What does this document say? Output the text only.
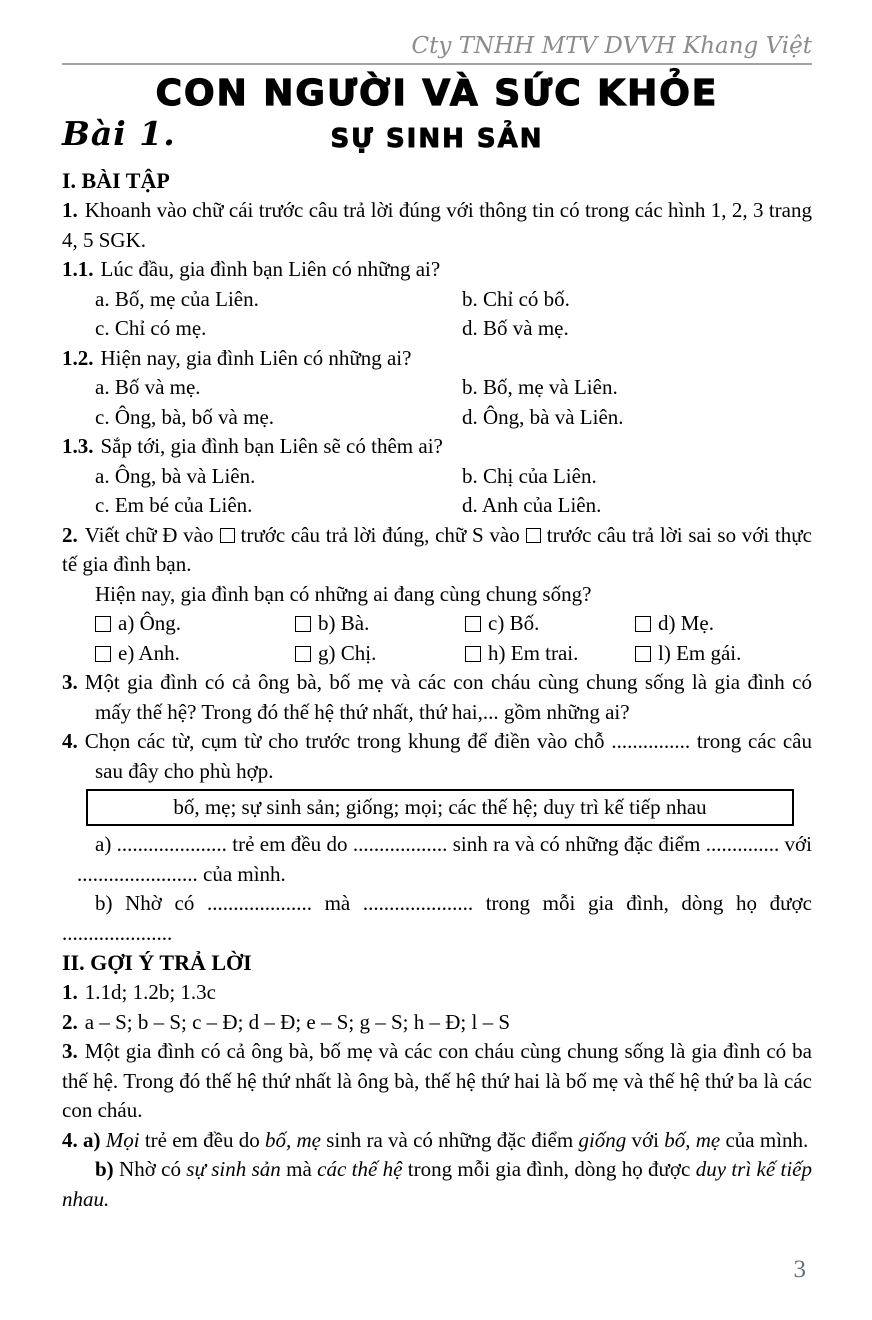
Cty TNHH MTV DVVH Khang Việt
CON NGƯỜI VÀ SỨC KHỎE
Bài 1.	SỰ SINH SẢN
I. BÀI TẬP

1. Khoanh vào chữ cái trước câu trả lời đúng với thông tin có trong các hình 1, 2, 3 trang 4, 5 SGK.

1.1. Lúc đầu, gia đình bạn Liên có những ai?

a. Bố, mẹ của Liên.	b. Chỉ có bố.
c. Chỉ có mẹ.	d. Bố và mẹ.

1.2. Hiện nay, gia đình Liên có những ai?

a. Bố và mẹ.	b. Bố, mẹ và Liên.
c. Ông, bà, bố và mẹ.	d. Ông, bà và Liên.

1.3. Sắp tới, gia đình bạn Liên sẽ có thêm ai?

a. Ông, bà và Liên.	b. Chị của Liên.
c. Em bé của Liên.	d. Anh của Liên.

2. Viết chữ Đ vào trước câu trả lời đúng, chữ S vào trước câu trả lời sai so với thực tế gia đình bạn.

Hiện nay, gia đình bạn có những ai đang cùng chung sống?

a) Ông.	b) Bà.	c) Bố.	d) Mẹ.
e) Anh.	g) Chị.	h) Em trai.	l) Em gái.

3. Một gia đình có cả ông bà, bố mẹ và các con cháu cùng chung sống là gia đình có mấy thế hệ? Trong đó thế hệ thứ nhất, thứ hai,... gồm những ai?

4. Chọn các từ, cụm từ cho trước trong khung để điền vào chỗ ............... trong các câu sau đây cho phù hợp.

bố, mẹ; sự sinh sản; giống; mọi; các thế hệ; duy trì kế tiếp nhau

a) ..................... trẻ em đều do .................. sinh ra và có những đặc điểm .............. với ....................... của mình.

b) Nhờ có .................... mà ..................... trong mỗi gia đình, dòng họ được .....................

II. GỢI Ý TRẢ LỜI

1. 1.1d; 1.2b; 1.3c

2. a – S; b – S; c – Đ; d – Đ; e – S; g – S; h – Đ; l – S

3. Một gia đình có cả ông bà, bố mẹ và các con cháu cùng chung sống là gia đình có ba thế hệ. Trong đó thế hệ thứ nhất là ông bà, thế hệ thứ hai là bố mẹ và thế hệ thứ ba là các con cháu.

4. a) Mọi trẻ em đều do bố, mẹ sinh ra và có những đặc điểm giống với bố, mẹ của mình.

b) Nhờ có sự sinh sản mà các thế hệ trong mỗi gia đình, dòng họ được duy trì kế tiếp nhau.

3
